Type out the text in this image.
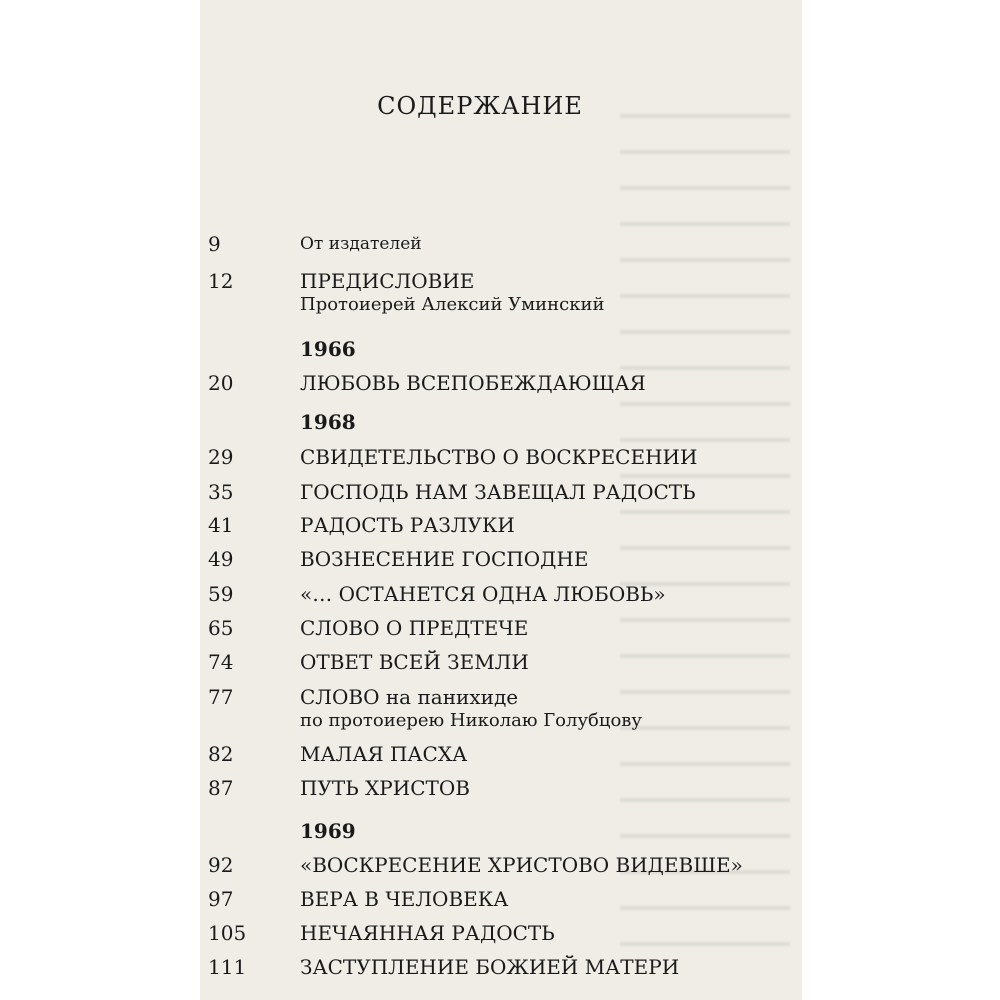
СОДЕРЖАНИЕ
9	От издателей
12	ПРЕДИСЛОВИЕ
Протоиерей Алексий Уминский
1966
20	ЛЮБОВЬ ВСЕПОБЕЖДАЮЩАЯ
1968
29	СВИДЕТЕЛЬСТВО О ВОСКРЕСЕНИИ
35	ГОСПОДЬ НАМ ЗАВЕЩАЛ РАДОСТЬ
41	РАДОСТЬ РАЗЛУКИ
49	ВОЗНЕСЕНИЕ ГОСПОДНЕ
59	«… ОСТАНЕТСЯ ОДНА ЛЮБОВЬ»
65	СЛОВО О ПРЕДТЕЧЕ
74	ОТВЕТ ВСЕЙ ЗЕМЛИ
77	СЛОВО на панихиде
по протоиерею Николаю Голубцову
82	МАЛАЯ ПАСХА
87	ПУТЬ ХРИСТОВ
1969
92	«ВОСКРЕСЕНИЕ ХРИСТОВО ВИДЕВШЕ»
97	ВЕРА В ЧЕЛОВЕКА
105	НЕЧАЯННАЯ РАДОСТЬ
111	ЗАСТУПЛЕНИЕ БОЖИЕЙ МАТЕРИ
